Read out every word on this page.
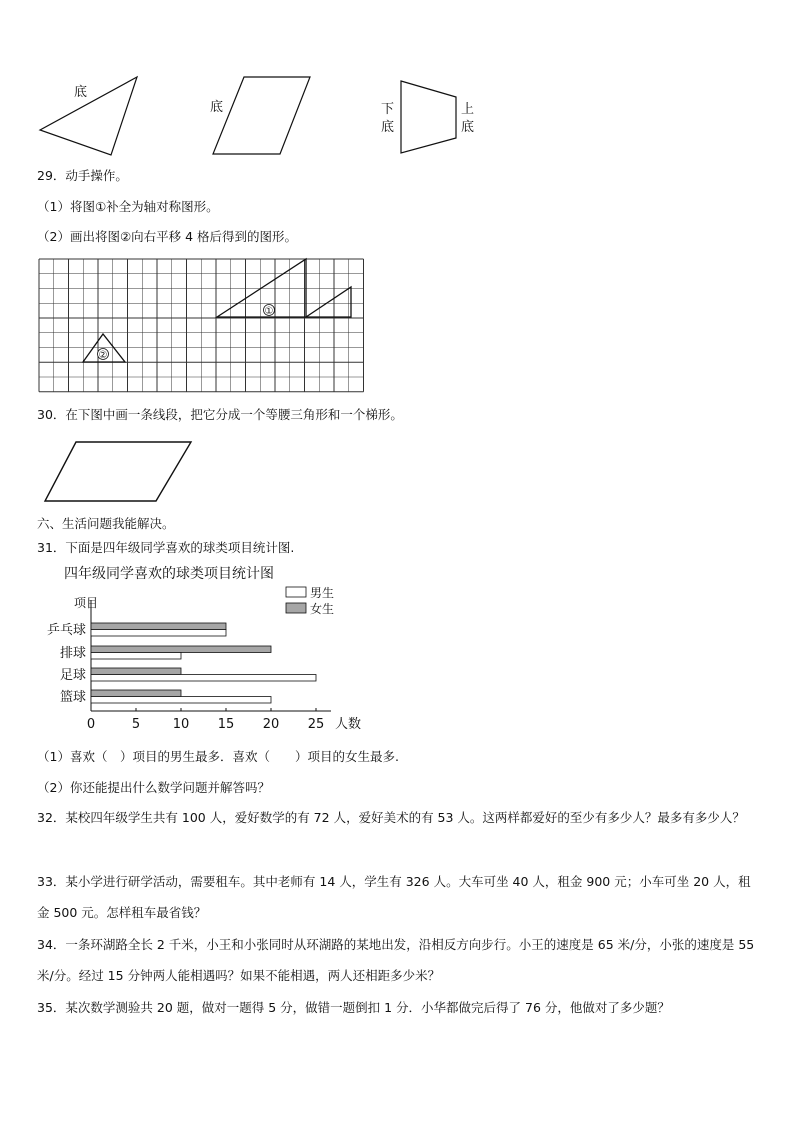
底
底	下
底
上
底
29．动手操作。
（1）将图①补全为轴对称图形。
（2）画出将图②向右平移 4 格后得到的图形。
①
②
30．在下图中画一条线段，把它分成一个等腰三角形和一个梯形。
六、生活问题我能解决。
31．下面是四年级同学喜欢的球类项目统计图.
四年级同学喜欢的球类项目统计图
项目
人数
男生
女生
0	5	10 15 20 25
乒乓球
排球
足球
篮球
（1）喜欢（　）项目的男生最多．喜欢（　　）项目的女生最多.
（2）你还能提出什么数学问题并解答吗？
32．某校四年级学生共有 100 人，爱好数学的有 72 人，爱好美术的有 53 人。这两样都爱好的至少有多少人？最多有多少人？
33．某小学进行研学活动，需要租车。其中老师有 14 人，学生有 326 人。大车可坐 40 人，租金 900 元；小车可坐 20 人，租金 500 元。怎样租车最省钱？
34．一条环湖路全长 2 千米，小王和小张同时从环湖路的某地出发，沿相反方向步行。小王的速度是 65 米/分，小张的速度是 55 米/分。经过 15 分钟两人能相遇吗？如果不能相遇，两人还相距多少米？
35．某次数学测验共 20 题，做对一题得 5 分，做错一题倒扣 1 分．小华都做完后得了 76 分，他做对了多少题？
